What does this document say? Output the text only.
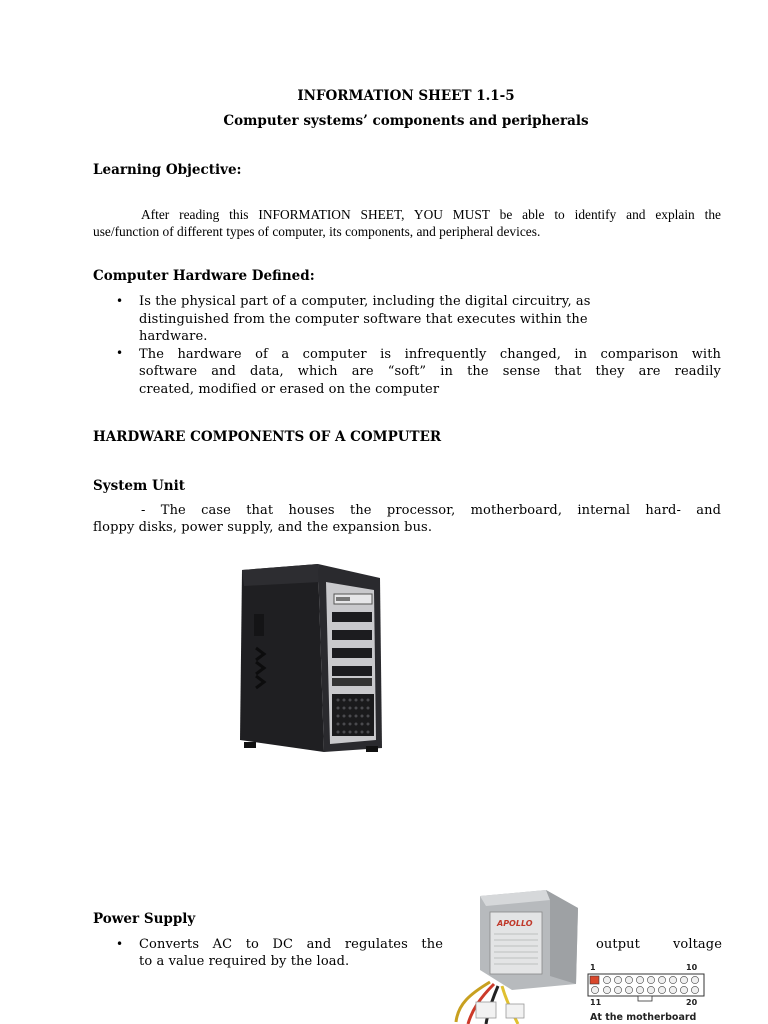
INFORMATION SHEET 1.1-5
Computer systems’ components and peripherals
Learning Objective:
After reading this INFORMATION SHEET, YOU MUST be able to identify and explain the
use/function of different types of computer, its components, and peripheral devices.
Computer Hardware Defined:
• Is the physical part of a computer, including the digital circuitry, as
distinguished from the computer software that executes within the
hardware.
• The hardware of a computer is infrequently changed, in comparison with
software and data, which are “soft” in the sense that they are readily
created, modified or erased on the computer
HARDWARE COMPONENTS OF A COMPUTER
System Unit
- The case that houses the processor, motherboard, internal hard- and
floppy disks, power supply, and the expansion bus.
Power Supply
• Converts AC to DC and regulates the	output voltage
to a value required by the load.
APOLLO
1	10
11	20
At the motherboard
